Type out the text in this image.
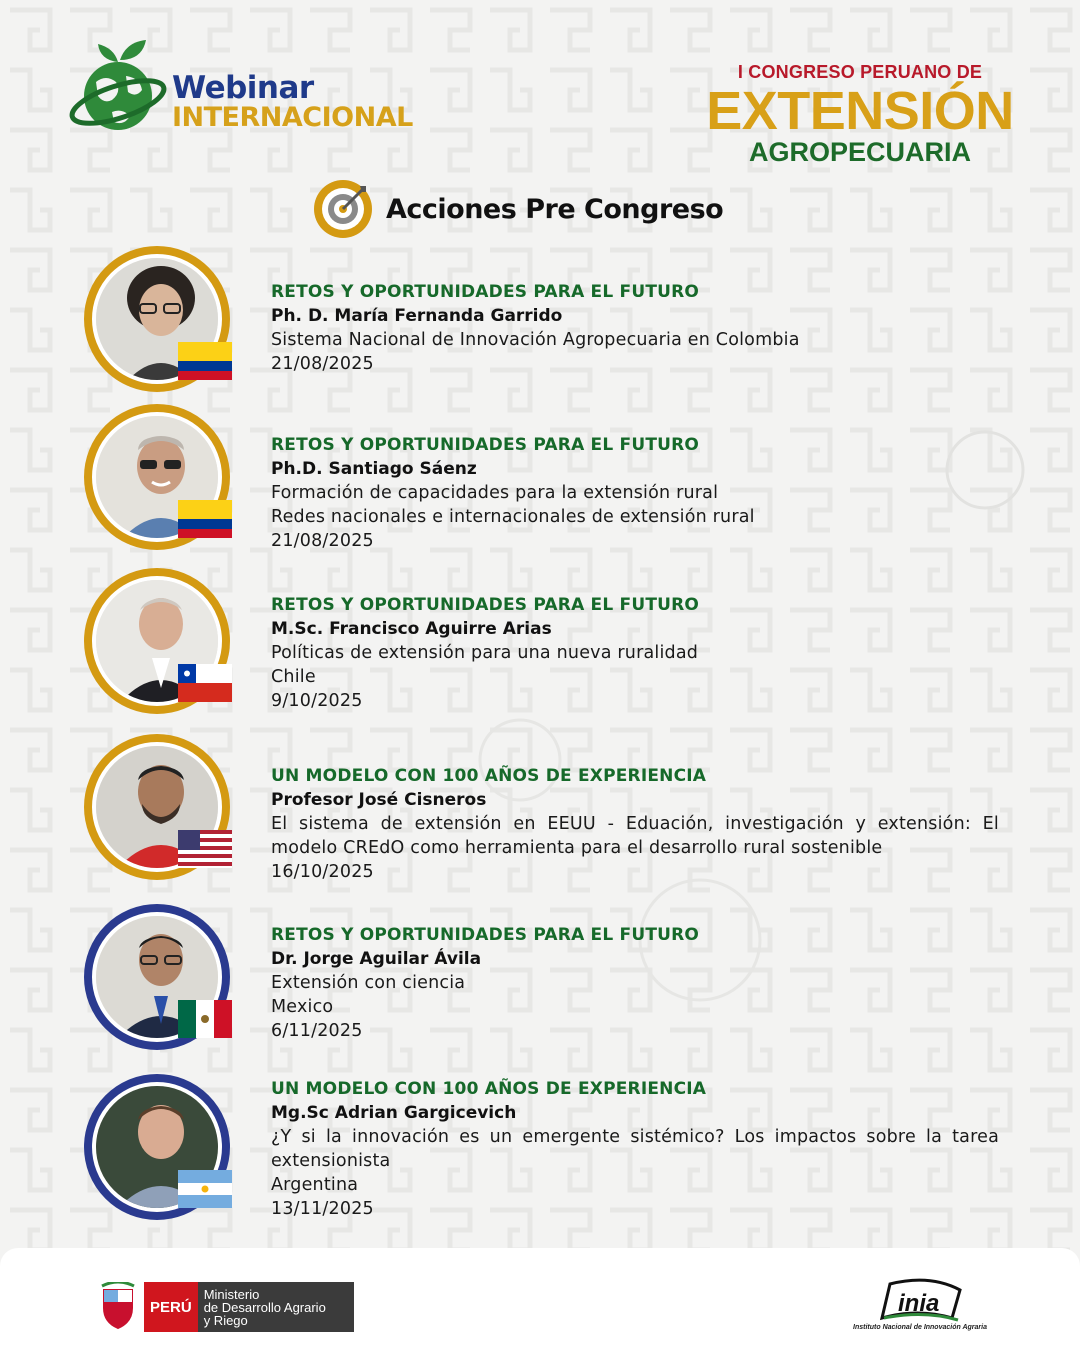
Webinar
INTERNACIONAL
I CONGRESO PERUANO DE
EXTENSIÓN
AGROPECUARIA
Acciones Pre Congreso
RETOS Y OPORTUNIDADES PARA EL FUTURO
Ph. D. María Fernanda Garrido
Sistema Nacional de Innovación Agropecuaria en Colombia
21/08/2025
RETOS Y OPORTUNIDADES PARA EL FUTURO
Ph.D. Santiago Sáenz
Formación de capacidades para la extensión rural
Redes nacionales e internacionales de extensión rural
21/08/2025
RETOS Y OPORTUNIDADES PARA EL FUTURO
M.Sc. Francisco Aguirre Arias
Políticas de extensión para una nueva ruralidad
Chile
9/10/2025
UN MODELO CON 100 AÑOS DE EXPERIENCIA
Profesor José Cisneros
El sistema de extensión en EEUU - Eduación, investigación y extensión: El modelo CREdO como herramienta para el desarrollo rural sostenible
16/10/2025
RETOS Y OPORTUNIDADES PARA EL FUTURO
Dr. Jorge Aguilar Ávila
Extensión con ciencia
Mexico
6/11/2025
UN MODELO CON 100 AÑOS DE EXPERIENCIA
Mg.Sc Adrian Gargicevich
¿Y si la innovación es un emergente sistémico? Los impactos sobre la tarea extensionista
Argentina
13/11/2025
PERÚ
Ministerio
de Desarrollo Agrario
y Riego
inia
Instituto Nacional de Innovación Agraria
